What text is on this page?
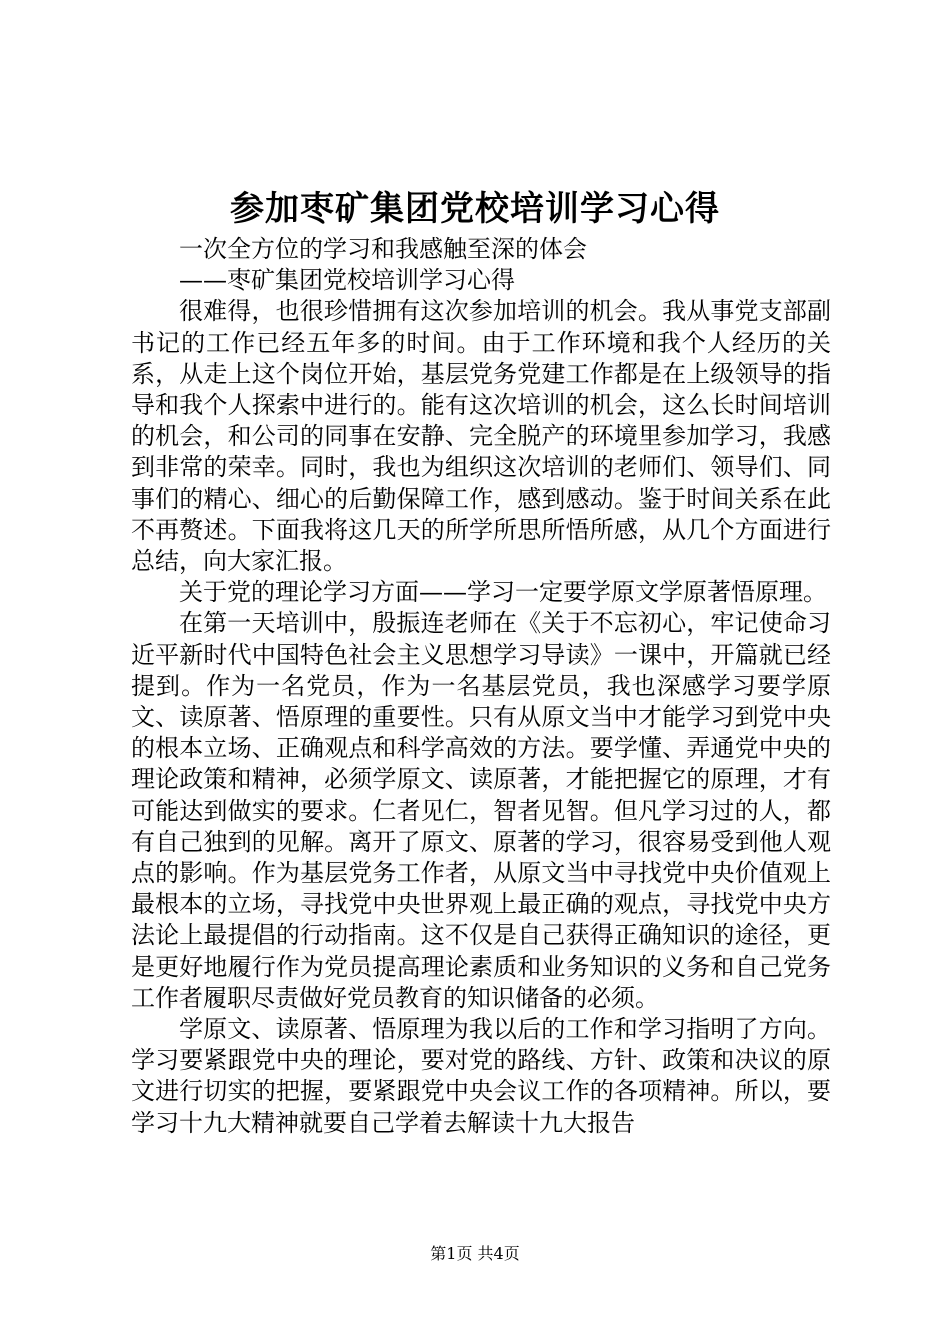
参加枣矿集团党校培训学习心得

一次全方位的学习和我感触至深的体会

——枣矿集团党校培训学习心得

很难得，也很珍惜拥有这次参加培训的机会。我从事党支部副书记的工作已经五年多的时间。由于工作环境和我个人经历的关系，从走上这个岗位开始，基层党务党建工作都是在上级领导的指导和我个人探索中进行的。能有这次培训的机会，这么长时间培训的机会，和公司的同事在安静、完全脱产的环境里参加学习，我感到非常的荣幸。同时，我也为组织这次培训的老师们、领导们、同事们的精心、细心的后勤保障工作，感到感动。鉴于时间关系在此不再赘述。下面我将这几天的所学所思所悟所感，从几个方面进行总结，向大家汇报。

关于党的理论学习方面——学习一定要学原文学原著悟原理。

在第一天培训中，殷振连老师在《关于不忘初心，牢记使命习近平新时代中国特色社会主义思想学习导读》一课中，开篇就已经提到。作为一名党员，作为一名基层党员，我也深感学习要学原文、读原著、悟原理的重要性。只有从原文当中才能学习到党中央的根本立场、正确观点和科学高效的方法。要学懂、弄通党中央的理论政策和精神，必须学原文、读原著，才能把握它的原理，才有可能达到做实的要求。仁者见仁，智者见智。但凡学习过的人，都有自己独到的见解。离开了原文、原著的学习，很容易受到他人观点的影响。作为基层党务工作者，从原文当中寻找党中央价值观上最根本的立场，寻找党中央世界观上最正确的观点，寻找党中央方法论上最提倡的行动指南。这不仅是自己获得正确知识的途径，更是更好地履行作为党员提高理论素质和业务知识的义务和自己党务工作者履职尽责做好党员教育的知识储备的必须。

学原文、读原著、悟原理为我以后的工作和学习指明了方向。学习要紧跟党中央的理论，要对党的路线、方针、政策和决议的原文进行切实的把握，要紧跟党中央会议工作的各项精神。所以，要学习十九大精神就要自己学着去解读十九大报告

第1页 共4页
